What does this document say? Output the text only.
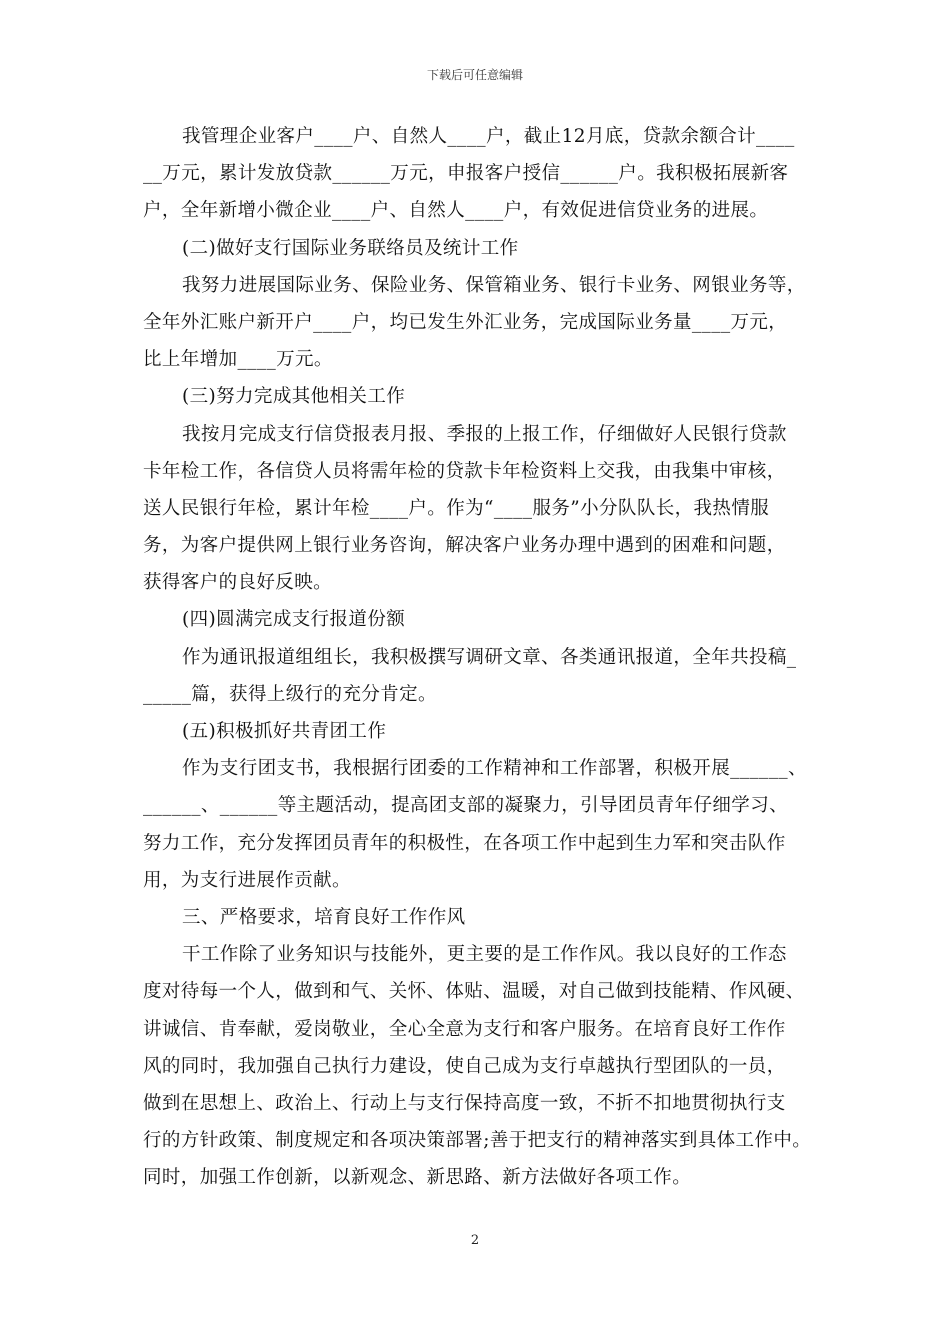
下载后可任意编辑
我管理企业客户____户、自然人____户，截止12月底，贷款余额合计____
__万元，累计发放贷款______万元，申报客户授信______户。我积极拓展新客
户，全年新增小微企业____户、自然人____户，有效促进信贷业务的进展。
(二)做好支行国际业务联络员及统计工作
我努力进展国际业务、保险业务、保管箱业务、银行卡业务、网银业务等，
全年外汇账户新开户____户，均已发生外汇业务，完成国际业务量____万元，
比上年增加____万元。
(三)努力完成其他相关工作
我按月完成支行信贷报表月报、季报的上报工作，仔细做好人民银行贷款
卡年检工作，各信贷人员将需年检的贷款卡年检资料上交我，由我集中审核，
送人民银行年检，累计年检____户。作为“____服务”小分队队长，我热情服
务，为客户提供网上银行业务咨询，解决客户业务办理中遇到的困难和问题，
获得客户的良好反映。
(四)圆满完成支行报道份额
作为通讯报道组组长，我积极撰写调研文章、各类通讯报道，全年共投稿_
_____篇，获得上级行的充分肯定。
(五)积极抓好共青团工作
作为支行团支书，我根据行团委的工作精神和工作部署，积极开展______、
______、______等主题活动，提高团支部的凝聚力，引导团员青年仔细学习、
努力工作，充分发挥团员青年的积极性，在各项工作中起到生力军和突击队作
用，为支行进展作贡献。
三、严格要求，培育良好工作作风
干工作除了业务知识与技能外，更主要的是工作作风。我以良好的工作态
度对待每一个人，做到和气、关怀、体贴、温暖，对自己做到技能精、作风硬、
讲诚信、肯奉献，爱岗敬业，全心全意为支行和客户服务。在培育良好工作作
风的同时，我加强自己执行力建设，使自己成为支行卓越执行型团队的一员，
做到在思想上、政治上、行动上与支行保持高度一致，不折不扣地贯彻执行支
行的方针政策、制度规定和各项决策部署;善于把支行的精神落实到具体工作中。
同时，加强工作创新，以新观念、新思路、新方法做好各项工作。
2
